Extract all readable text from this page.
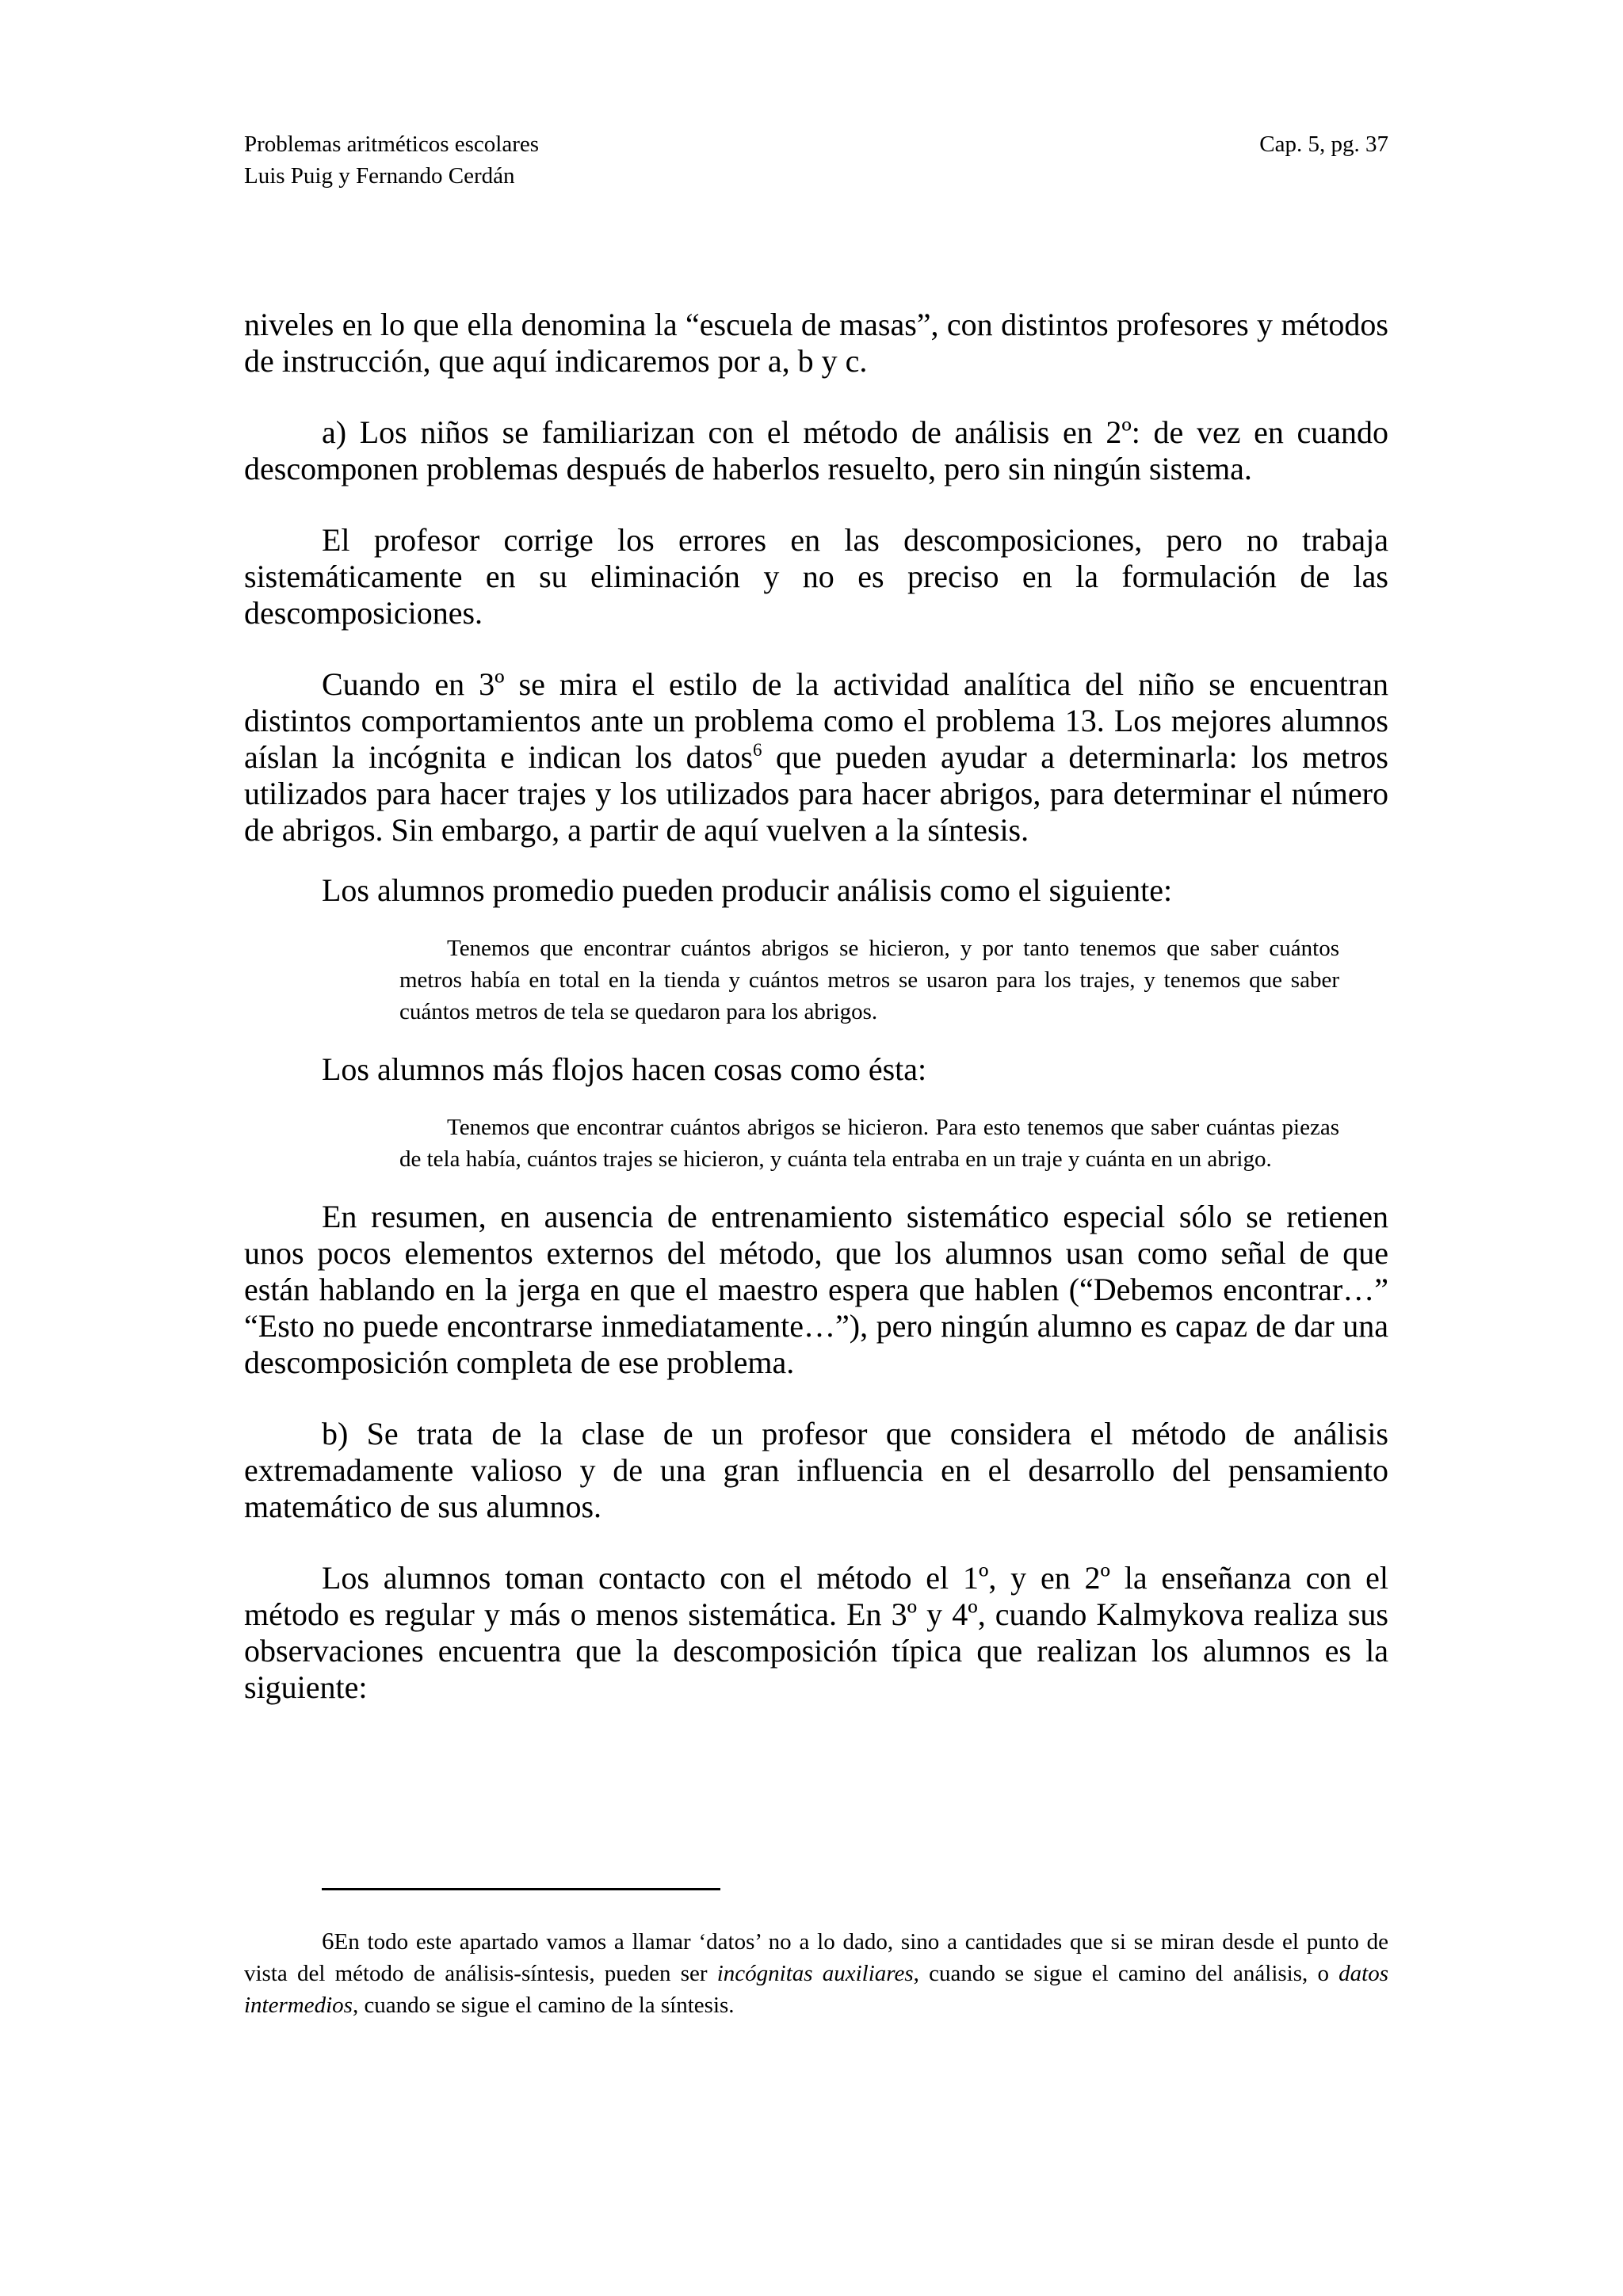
Problemas aritméticos escolares
Luis Puig y Fernando Cerdán
Cap. 5, pg. 37

niveles en lo que ella denomina la “escuela de masas”, con distintos profesores y métodos de instrucción, que aquí indicaremos por a, b y c.

a) Los niños se familiarizan con el método de análisis en 2º: de vez en cuando descomponen problemas después de haberlos resuelto, pero sin ningún sistema.

El profesor corrige los errores en las descomposiciones, pero no trabaja sistemáticamente en su eliminación y no es preciso en la formulación de las descomposiciones.

Cuando en 3º se mira el estilo de la actividad analítica del niño se encuentran distintos comportamientos ante un problema como el problema 13. Los mejores alumnos aíslan la incógnita e indican los datos$^6$ que pueden ayudar a determinarla: los metros utilizados para hacer trajes y los utilizados para hacer abrigos, para determinar el número de abrigos. Sin embargo, a partir de aquí vuelven a la síntesis.

Los alumnos promedio pueden producir análisis como el siguiente:

Tenemos que encontrar cuántos abrigos se hicieron, y por tanto tenemos que saber cuántos metros había en total en la tienda y cuántos metros se usaron para los trajes, y tenemos que saber cuántos metros de tela se quedaron para los abrigos.

Los alumnos más flojos hacen cosas como ésta:

Tenemos que encontrar cuántos abrigos se hicieron. Para esto tenemos que saber cuántas piezas de tela había, cuántos trajes se hicieron, y cuánta tela entraba en un traje y cuánta en un abrigo.

En resumen, en ausencia de entrenamiento sistemático especial sólo se retienen unos pocos elementos externos del método, que los alumnos usan como señal de que están hablando en la jerga en que el maestro espera que hablen (“Debemos encontrar…” “Esto no puede encontrarse inmediatamente…”), pero ningún alumno es capaz de dar una descomposición completa de ese problema.

b) Se trata de la clase de un profesor que considera el método de análisis extremadamente valioso y de una gran influencia en el desarrollo del pensamiento matemático de sus alumnos.

Los alumnos toman contacto con el método el 1º, y en 2º la enseñanza con el método es regular y más o menos sistemática. En 3º y 4º, cuando Kalmykova realiza sus observaciones encuentra que la descomposición típica que realizan los alumnos es la siguiente:

6En todo este apartado vamos a llamar ‘datos’ no a lo dado, sino a cantidades que si se miran desde el punto de vista del método de análisis-síntesis, pueden ser incógnitas auxiliares, cuando se sigue el camino del análisis, o datos intermedios, cuando se sigue el camino de la síntesis.
